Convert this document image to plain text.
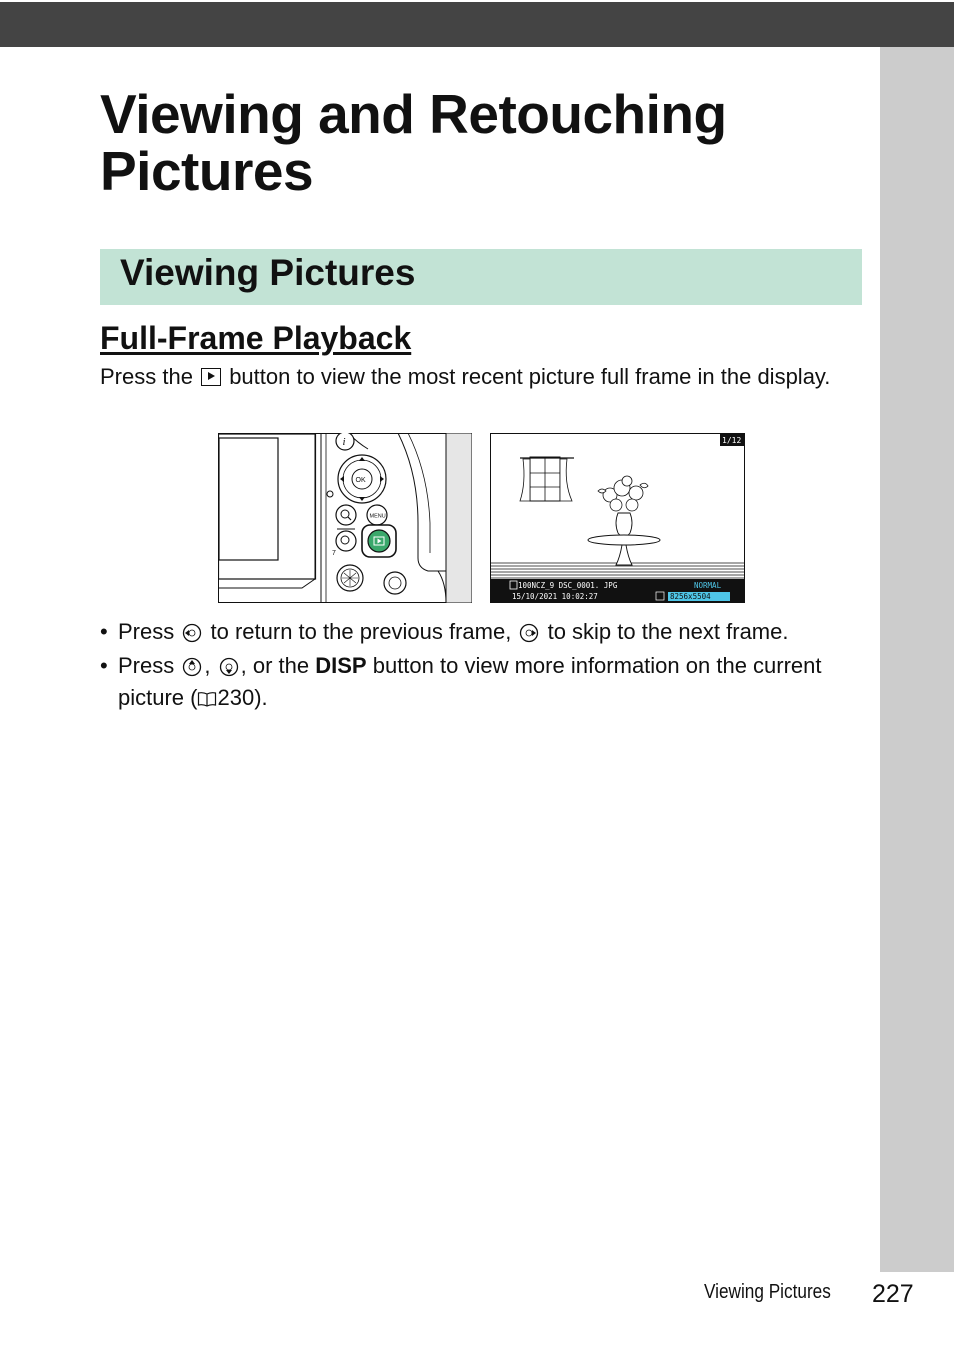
Viewing and Retouching Pictures
Viewing Pictures
Full-Frame Playback

Press the button to view the most recent picture full frame in the display.

i
OK
7
MENU
1/12
100NCZ_9 DSC_0001. JPG	NORMAL
15/10/2021 10:02:27	8256x5504
• Press to return to the previous frame, to skip to the next frame.
• Press , , or the DISP button to view more information on the current picture ( 230).
Viewing Pictures 227
